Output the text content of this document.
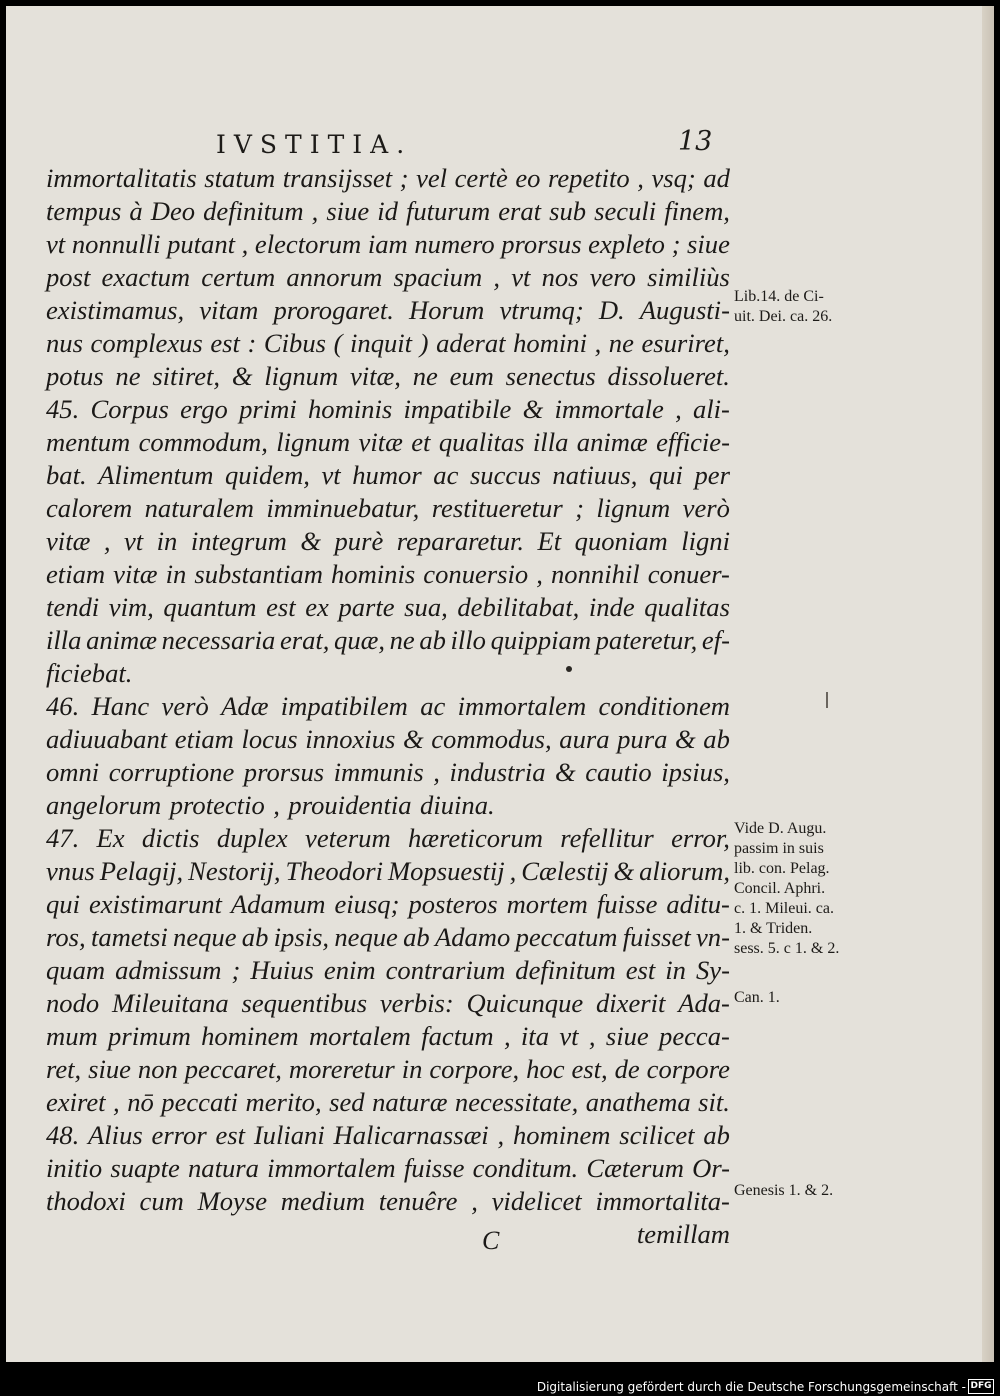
IVSTITIA.	13
immortalitatis statum transijsset ; vel certè eo repetito , vsq; ad
tempus à Deo definitum , siue id futurum erat sub seculi finem,
vt nonnulli putant , electorum iam numero prorsus expleto ; siue
post exactum certum annorum spacium , vt nos vero similiùs
existimamus, vitam prorogaret. Horum vtrumq; D. Augusti-
nus complexus est : Cibus ( inquit ) aderat homini , ne esuriret,
potus ne sitiret, & lignum vitæ, ne eum senectus dissolueret.
45. Corpus ergo primi hominis impatibile & immortale , ali-
mentum commodum, lignum vitæ et qualitas illa animæ efficie-
bat. Alimentum quidem, vt humor ac succus natiuus, qui per
calorem naturalem imminuebatur, restitueretur ; lignum verò
vitæ , vt in integrum & purè repararetur. Et quoniam ligni
etiam vitæ in substantiam hominis conuersio , nonnihil conuer-
tendi vim, quantum est ex parte sua, debilitabat, inde qualitas
illa animæ necessaria erat, quæ, ne ab illo quippiam pateretur, ef-
ficiebat.
46. Hanc verò Adæ impatibilem ac immortalem conditionem
adiuuabant etiam locus innoxius & commodus, aura pura & ab
omni corruptione prorsus immunis , industria & cautio ipsius,
angelorum protectio , prouidentia diuina.
47. Ex dictis duplex veterum hæreticorum refellitur error,
vnus Pelagij, Nestorij, Theodori Mopsuestij , Cælestij & aliorum,
qui existimarunt Adamum eiusq; posteros mortem fuisse aditu-
ros, tametsi neque ab ipsis, neque ab Adamo peccatum fuisset vn-
quam admissum ; Huius enim contrarium definitum est in Sy-
nodo Mileuitana sequentibus verbis: Quicunque dixerit Ada-
mum primum hominem mortalem factum , ita vt , siue pecca-
ret, siue non peccaret, moreretur in corpore, hoc est, de corpore
exiret , nō peccati merito, sed naturæ necessitate, anathema sit.
48. Alius error est Iuliani Halicarnassæi , hominem scilicet ab
initio suapte natura immortalem fuisse conditum. Cæterum Or-
thodoxi cum Moyse medium tenuêre , videlicet immortalita-
tem illam
C
Lib.14. de Ci-
uit. Dei. ca. 26.
Vide D. Augu.
passim in suis
lib. con. Pelag.
Concil. Aphri.
c. 1. Mileui. ca.
1. & Triden.
sess. 5. c 1. & 2.
Can. 1.
Genesis 1. & 2.
Digitalisierung gefördert durch die Deutsche Forschungsgemeinschaft - DFG
